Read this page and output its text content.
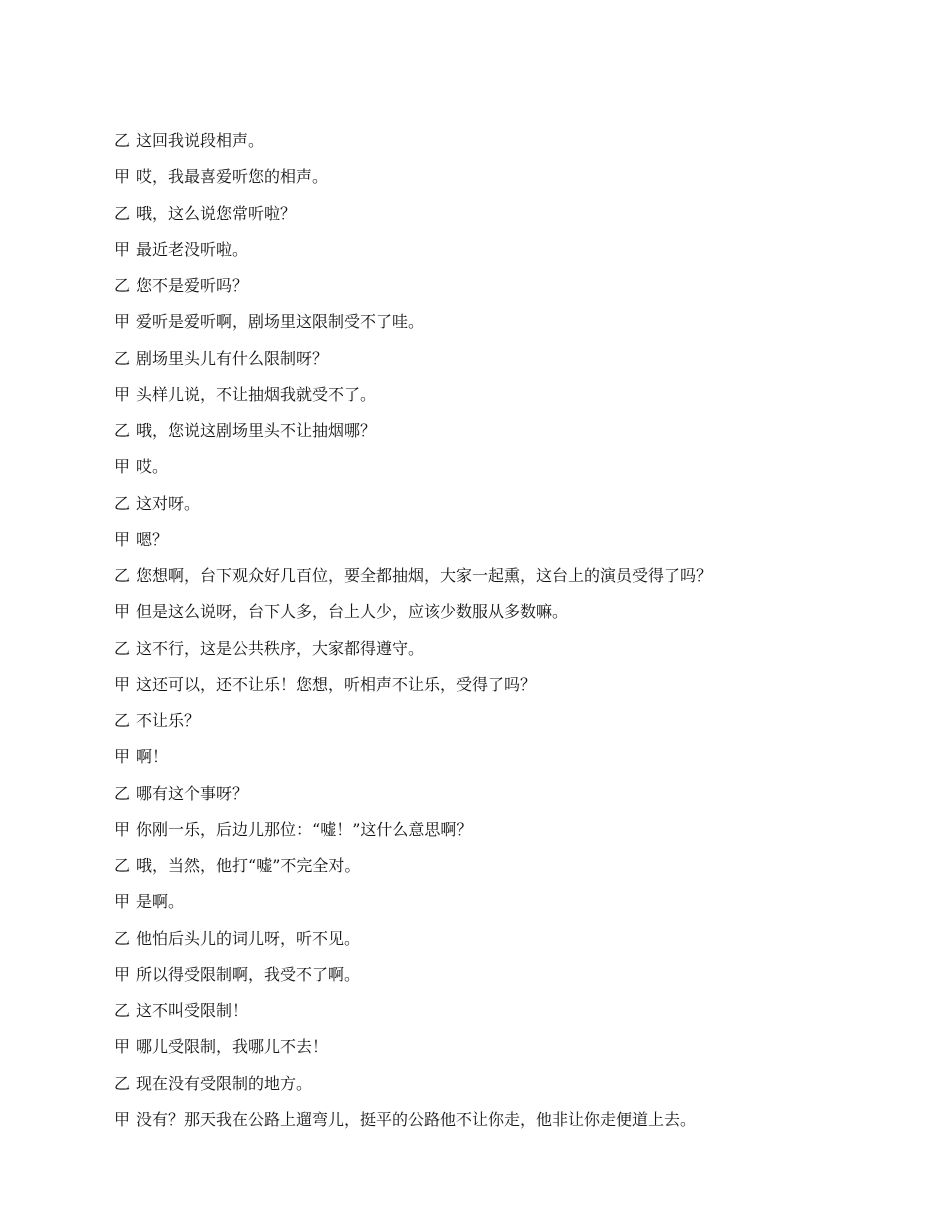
乙 这回我说段相声。
甲 哎，我最喜爱听您的相声。
乙 哦，这么说您常听啦？
甲 最近老没听啦。
乙 您不是爱听吗？
甲 爱听是爱听啊，剧场里这限制受不了哇。
乙 剧场里头儿有什么限制呀？
甲 头样儿说，不让抽烟我就受不了。
乙 哦，您说这剧场里头不让抽烟哪？
甲 哎。
乙 这对呀。
甲 嗯？
乙 您想啊，台下观众好几百位，要全都抽烟，大家一起熏，这台上的演员受得了吗？
甲 但是这么说呀，台下人多，台上人少，应该少数服从多数嘛。
乙 这不行，这是公共秩序，大家都得遵守。
甲 这还可以，还不让乐！您想，听相声不让乐，受得了吗？
乙 不让乐？
甲 啊！
乙 哪有这个事呀？
甲 你刚一乐，后边儿那位：“嘘！”这什么意思啊？
乙 哦，当然，他打“嘘”不完全对。
甲 是啊。
乙 他怕后头儿的词儿呀，听不见。
甲 所以得受限制啊，我受不了啊。
乙 这不叫受限制！
甲 哪儿受限制，我哪儿不去！
乙 现在没有受限制的地方。
甲 没有？那天我在公路上遛弯儿，挺平的公路他不让你走，他非让你走便道上去。
